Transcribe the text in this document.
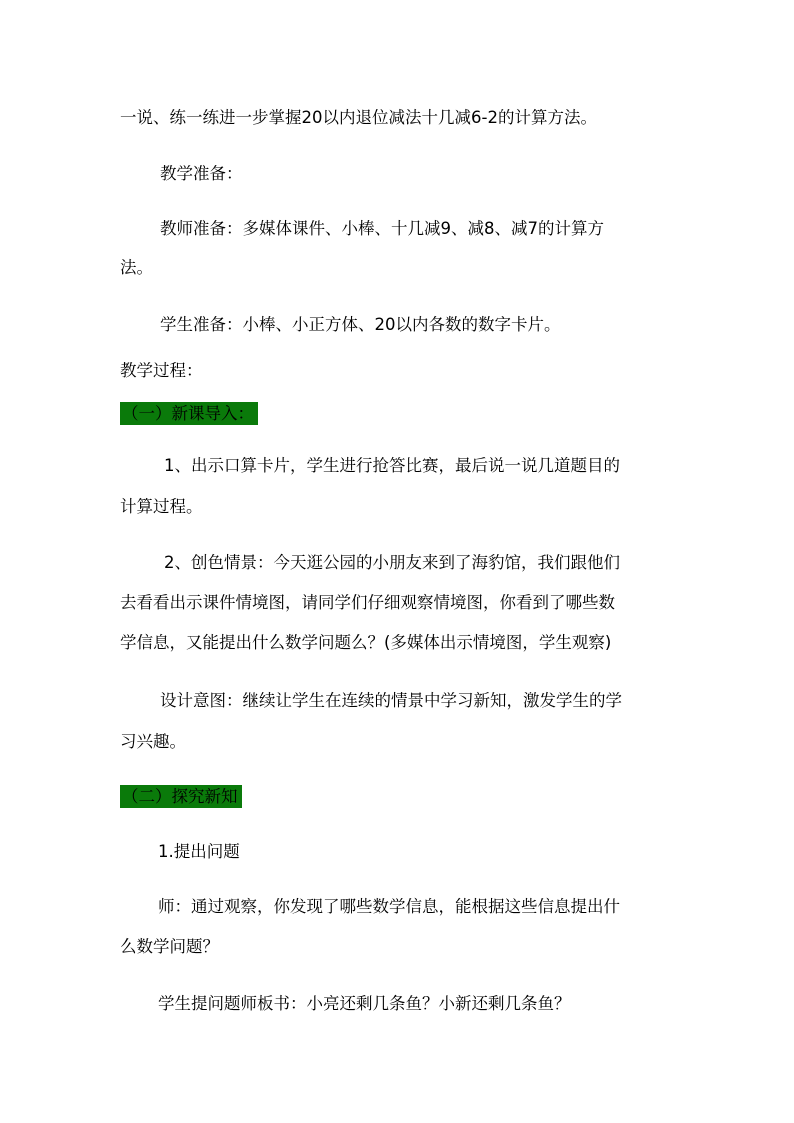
一说、练一练进一步掌握20以内退位减法十几减6-2的计算方法。
教学准备：
教师准备：多媒体课件、小棒、十几减9、减8、减7的计算方
法。
学生准备：小棒、小正方体、20以内各数的数字卡片。
教学过程：
（一）新课导入：
1、出示口算卡片，学生进行抢答比赛，最后说一说几道题目的
计算过程。
2、创色情景：今天逛公园的小朋友来到了海豹馆，我们跟他们
去看看出示课件情境图，请同学们仔细观察情境图，你看到了哪些数
学信息，又能提出什么数学问题么？(多媒体出示情境图，学生观察)
设计意图：继续让学生在连续的情景中学习新知，激发学生的学
习兴趣。
（二）探究新知
1.提出问题
师：通过观察，你发现了哪些数学信息，能根据这些信息提出什
么数学问题？
学生提问题师板书：小亮还剩几条鱼？小新还剩几条鱼？
